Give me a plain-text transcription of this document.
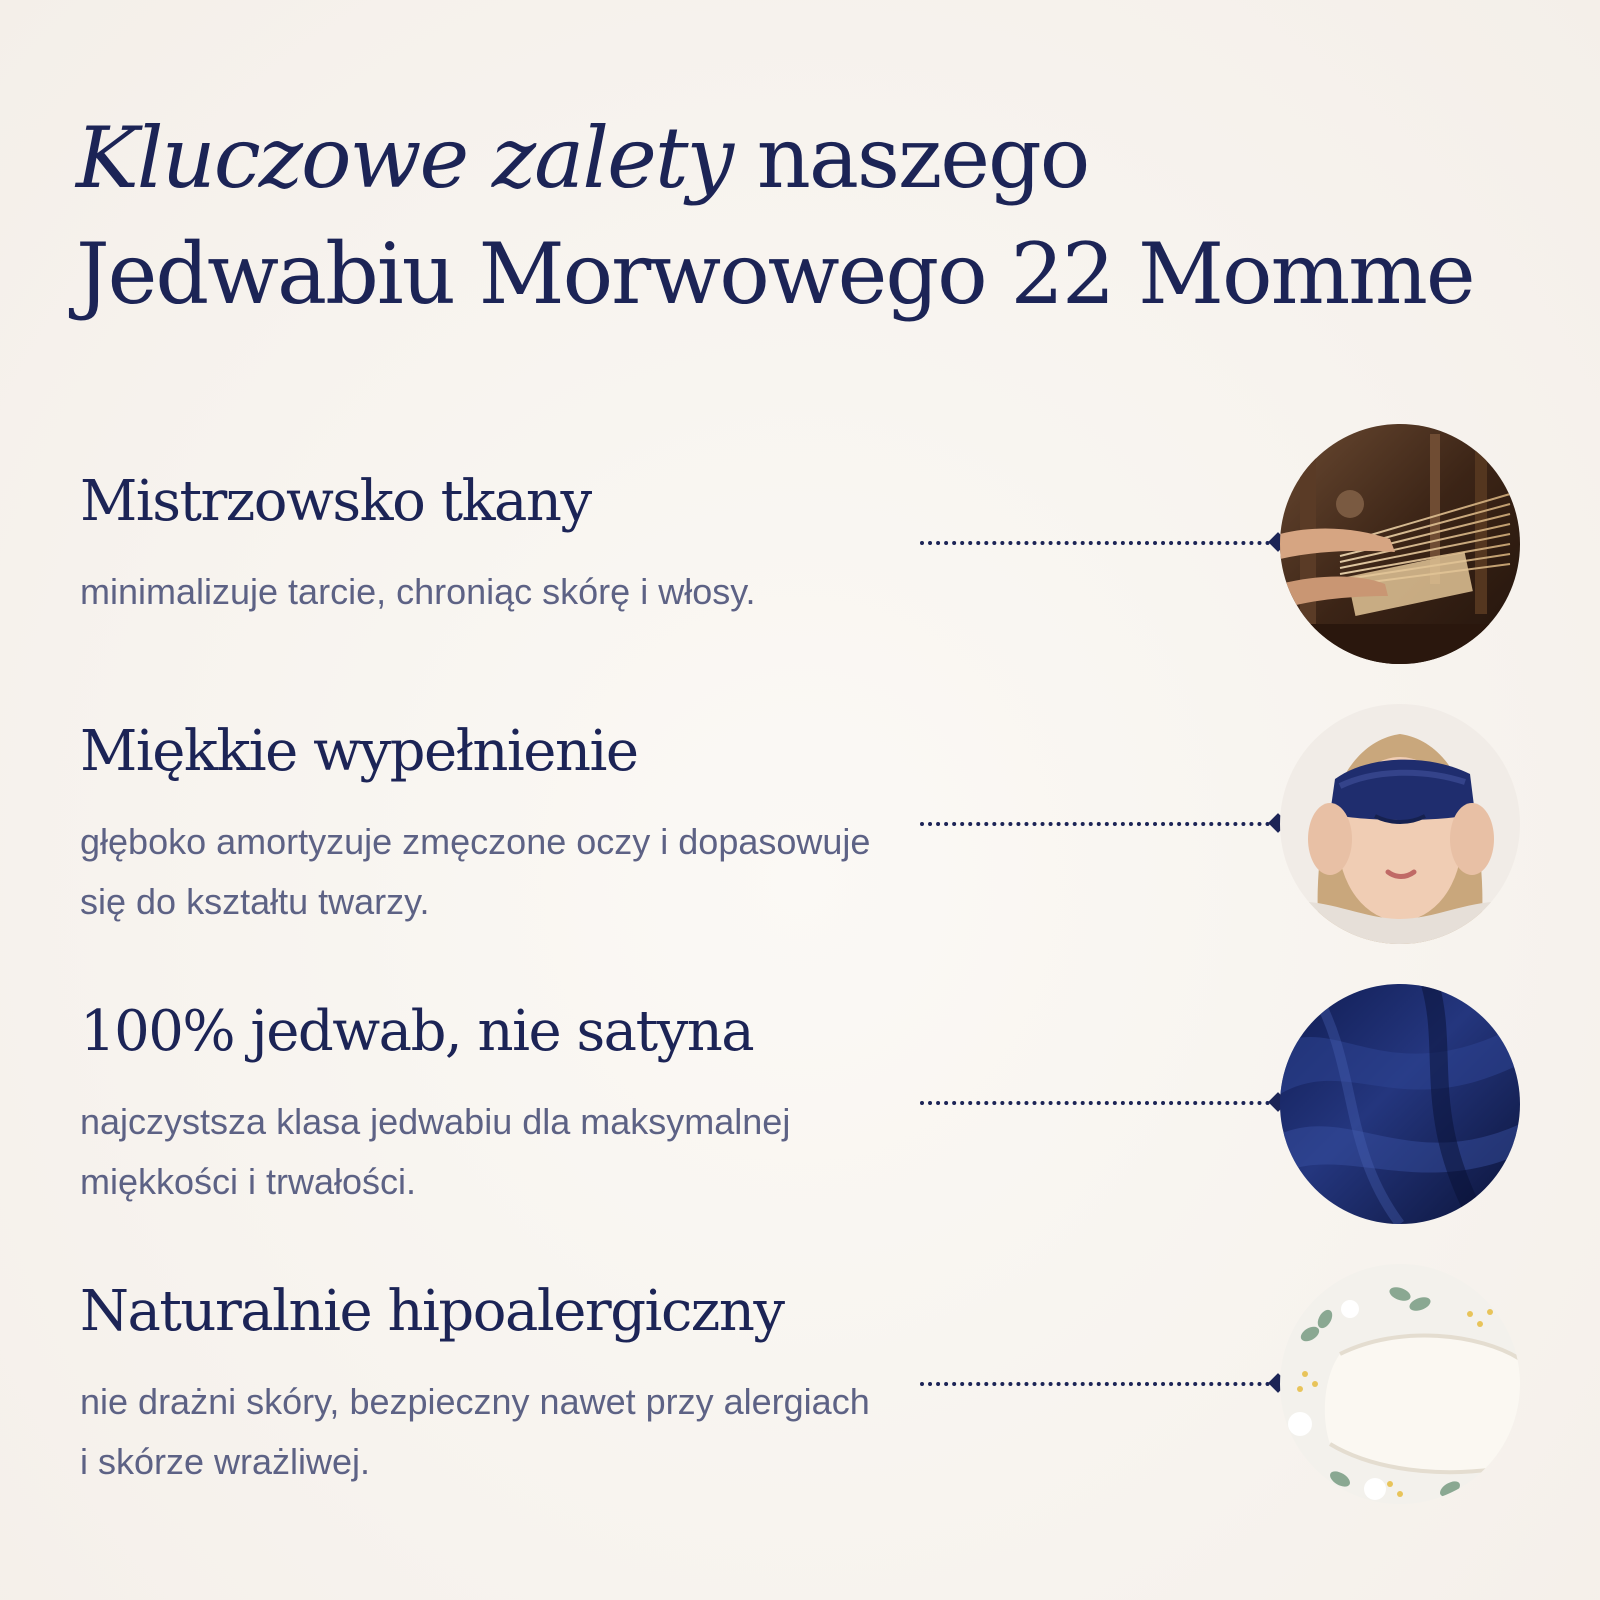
Kluczowe zalety naszego
Jedwabiu Morwowego 22 Momme
Mistrzowsko tkany

minimalizuje tarcie, chroniąc skórę i włosy.

Miękkie wypełnienie

głęboko amortyzuje zmęczone oczy i dopasowuje się do kształtu twarzy.

100% jedwab, nie satyna

najczystsza klasa jedwabiu dla maksymalnej miękkości i trwałości.

Naturalnie hipoalergiczny

nie drażni skóry, bezpieczny nawet przy alergiach i skórze wrażliwej.
